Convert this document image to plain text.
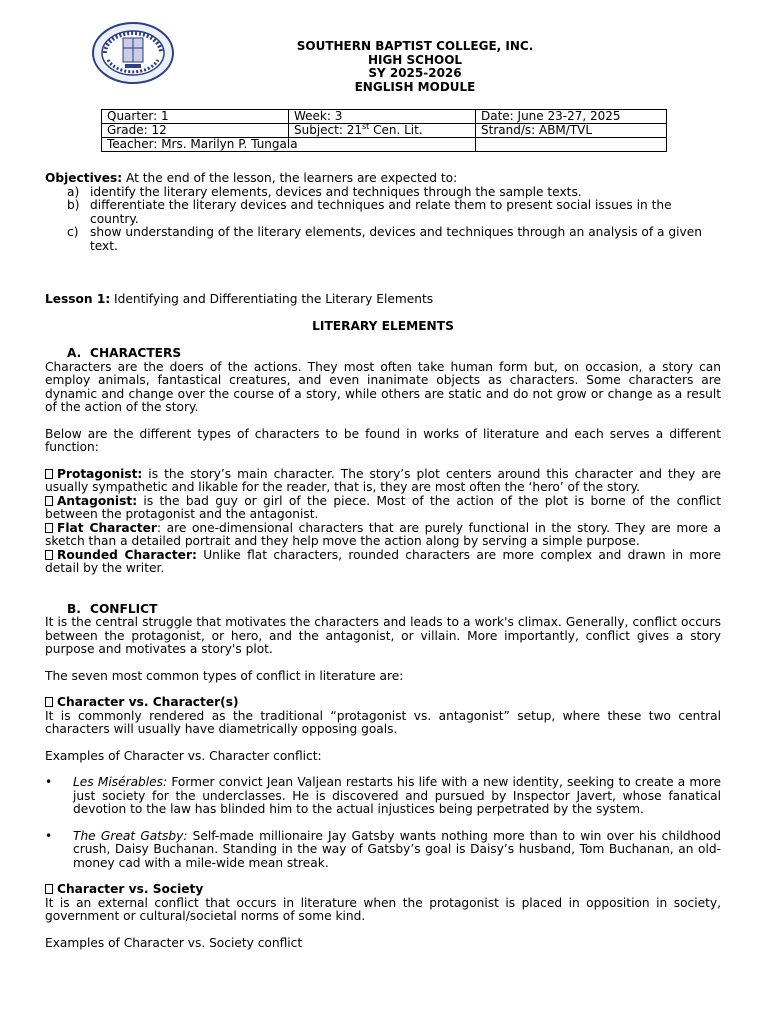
SOUTHERN BAPTIST COLLEGE, INC.
HIGH SCHOOL
SY 2025-2026
ENGLISH MODULE
Quarter: 1	Week: 3	Date: June 23-27, 2025
Grade: 12	Subject: 21st Cen. Lit.	Strand/s: ABM/TVL
Teacher: Mrs. Marilyn P. Tungala		

Objectives: At the end of the lesson, the learners are expected to:

a) identify the literary elements, devices and techniques through the sample texts.
b) differentiate the literary devices and techniques and relate them to present social issues in the country.
c) show understanding of the literary elements, devices and techniques through an analysis of a given text.

Lesson 1: Identifying and Differentiating the Literary Elements

LITERARY ELEMENTS

A. CHARACTERS

Characters are the doers of the actions. They most often take human form but, on occasion, a story can employ animals, fantastical creatures, and even inanimate objects as characters. Some characters are dynamic and change over the course of a story, while others are static and do not grow or change as a result of the action of the story.

Below are the different types of characters to be found in works of literature and each serves a different function:

Protagonist: is the story’s main character. The story’s plot centers around this character and they are usually sympathetic and likable for the reader, that is, they are most often the ‘hero’ of the story.

Antagonist: is the bad guy or girl of the piece. Most of the action of the plot is borne of the conflict between the protagonist and the antagonist.

Flat Character: are one-dimensional characters that are purely functional in the story. They are more a sketch than a detailed portrait and they help move the action along by serving a simple purpose.

Rounded Character: Unlike flat characters, rounded characters are more complex and drawn in more detail by the writer.

B. CONFLICT

It is the central struggle that motivates the characters and leads to a work's climax. Generally, conflict occurs between the protagonist, or hero, and the antagonist, or villain. More importantly, conflict gives a story purpose and motivates a story's plot.

The seven most common types of conflict in literature are:

Character vs. Character(s)

It is commonly rendered as the traditional “protagonist vs. antagonist” setup, where these two central characters will usually have diametrically opposing goals.

Examples of Character vs. Character conflict:

• Les Misérables: Former convict Jean Valjean restarts his life with a new identity, seeking to create a more just society for the underclasses. He is discovered and pursued by Inspector Javert, whose fanatical devotion to the law has blinded him to the actual injustices being perpetrated by the system.
• The Great Gatsby: Self-made millionaire Jay Gatsby wants nothing more than to win over his childhood crush, Daisy Buchanan. Standing in the way of Gatsby’s goal is Daisy’s husband, Tom Buchanan, an old-money cad with a mile-wide mean streak.

Character vs. Society

It is an external conflict that occurs in literature when the protagonist is placed in opposition in society, government or cultural/societal norms of some kind.

Examples of Character vs. Society conflict
